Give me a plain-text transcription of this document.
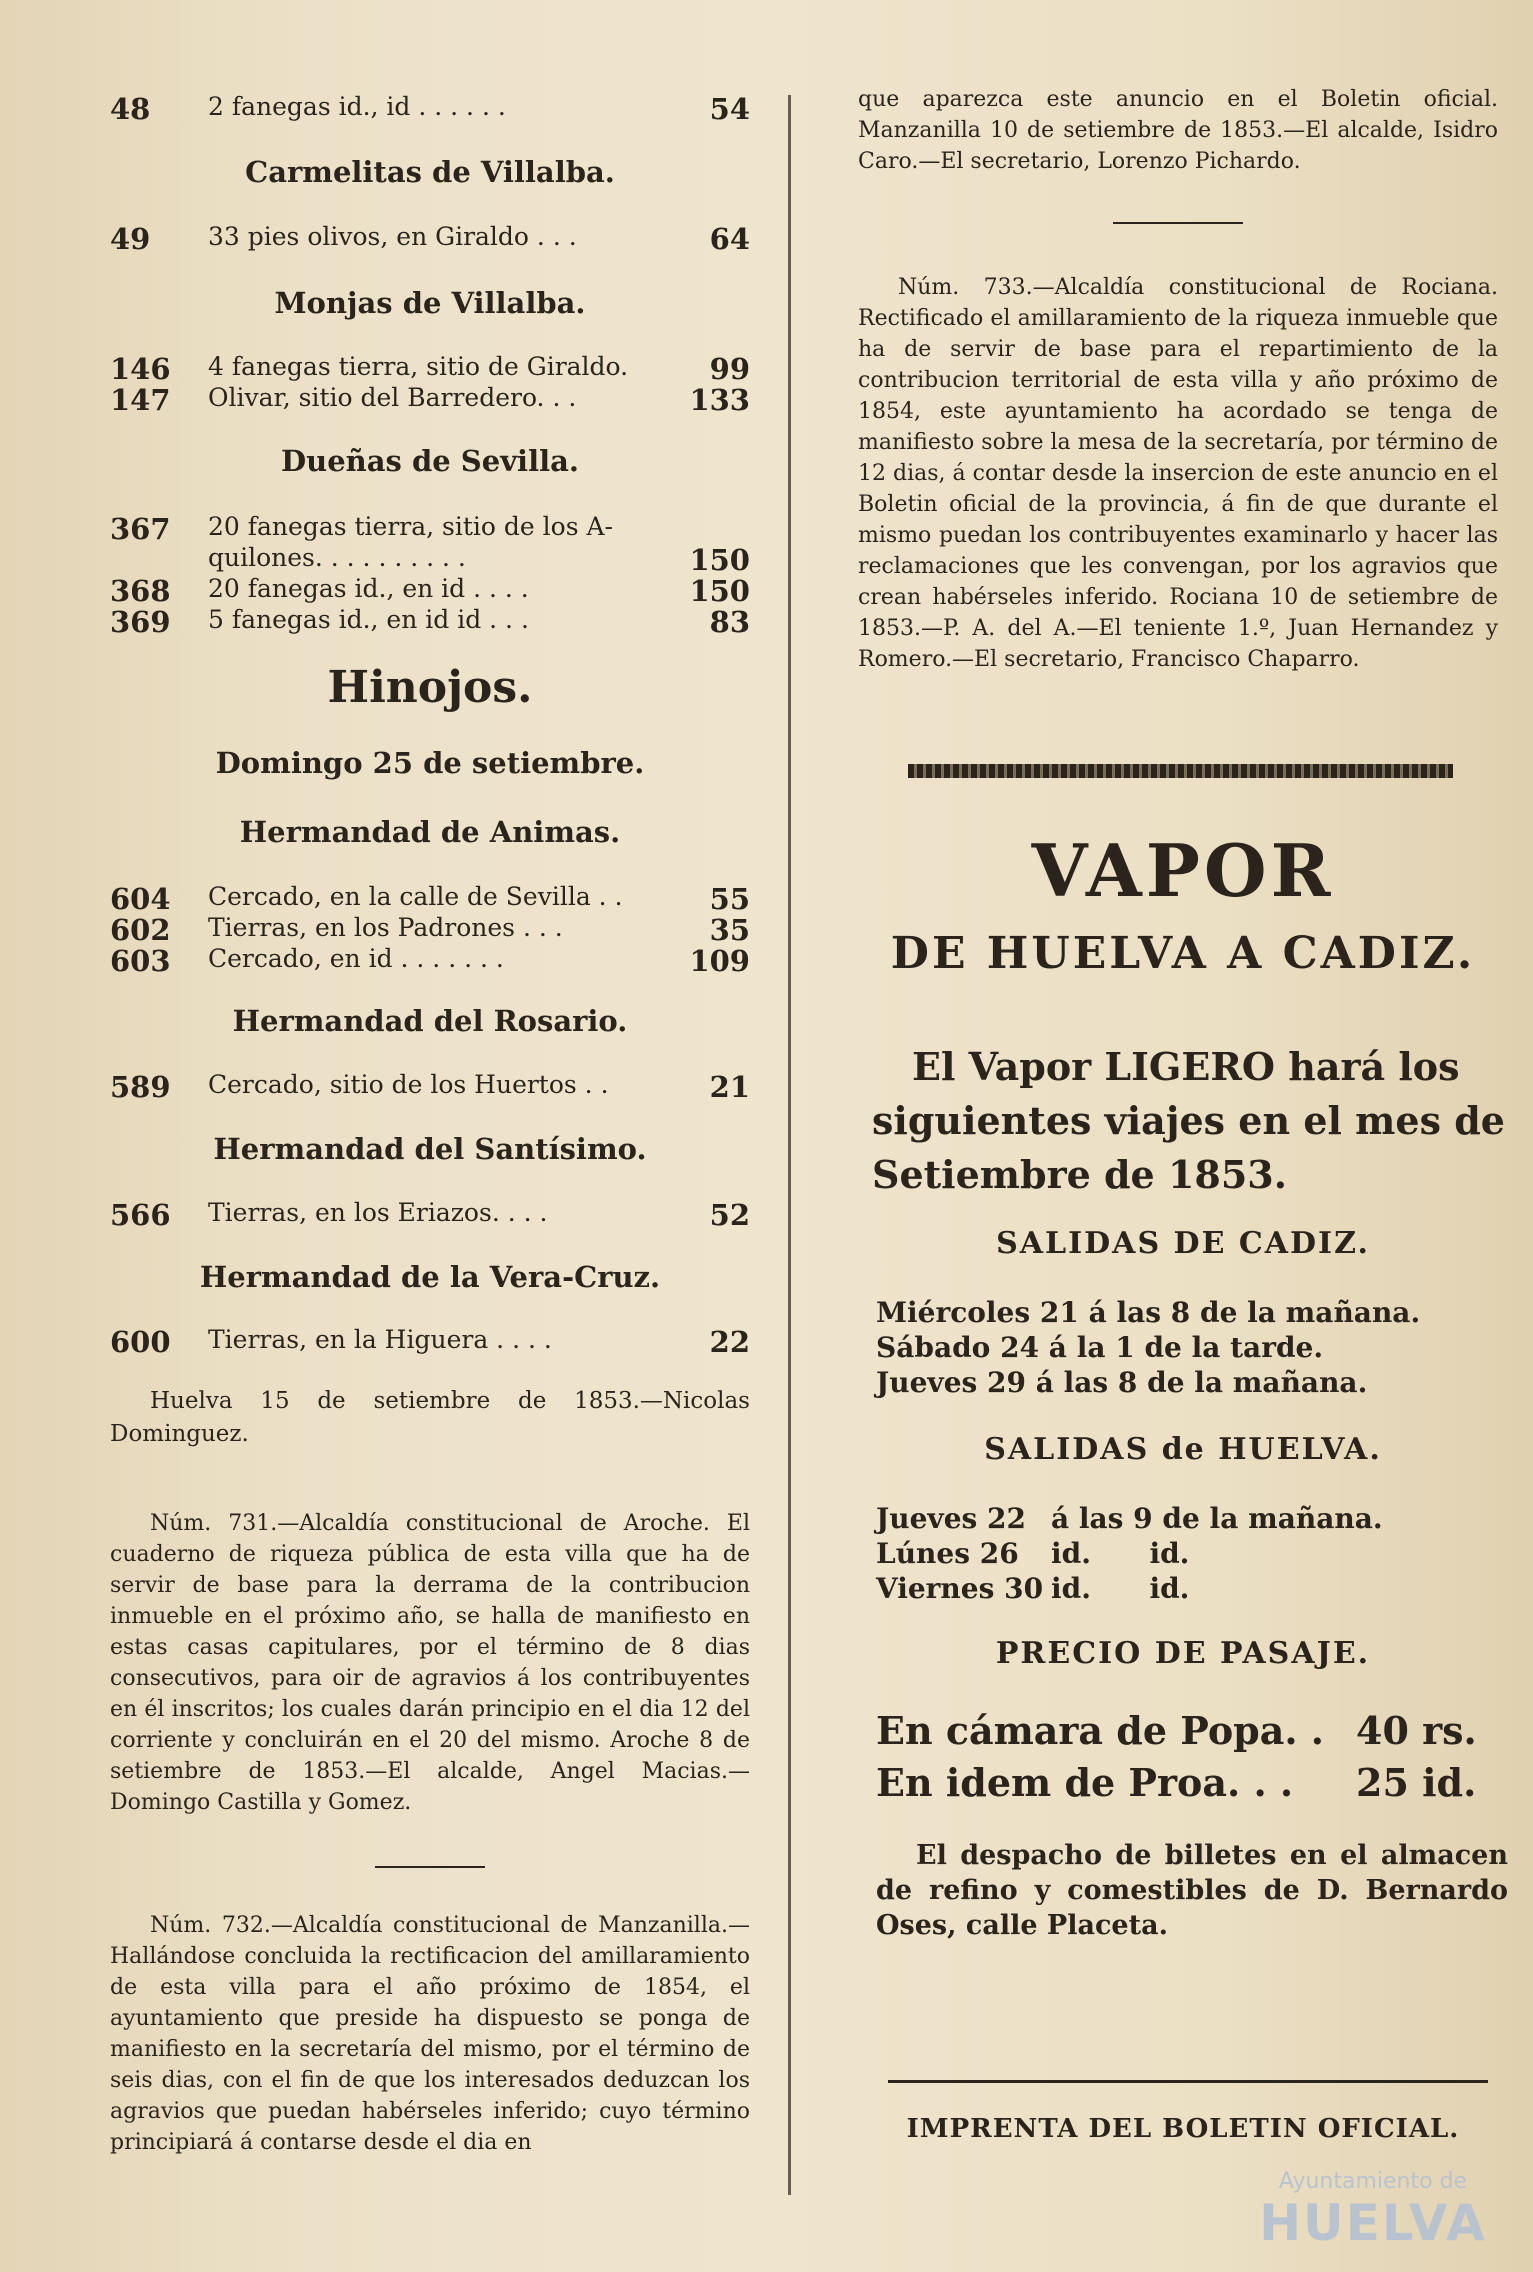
48 2 fanegas id., id . . . . . .	54
Carmelitas de Villalba.
49 33 pies olivos, en Giraldo . . .	64
Monjas de Villalba.
146 4 fanegas tierra, sitio de Giraldo.	99
147 Olivar, sitio del Barredero. . .	133
Dueñas de Sevilla.
367 20 fanegas tierra, sitio de los A-
quilones. . . . . . . . . .	150
368 20 fanegas id., en id . . . .	150
369 5 fanegas id., en id id . . .	83
Hinojos.
Domingo 25 de setiembre.
Hermandad de Animas.
604 Cercado, en la calle de Sevilla . .	55
602 Tierras, en los Padrones . . .	35
603 Cercado, en id . . . . . . .	109
Hermandad del Rosario.
589 Cercado, sitio de los Huertos . .	21
Hermandad del Santísimo.
566 Tierras, en los Eriazos. . . .	52
Hermandad de la Vera-Cruz.
600 Tierras, en la Higuera . . . .	22
Huelva 15 de setiembre de 1853.—Nicolas Dominguez.
Núm. 731.—Alcaldía constitucional de Aroche. El cuaderno de riqueza pública de esta villa que ha de servir de base para la derrama de la contribucion inmueble en el próximo año, se halla de manifiesto en estas casas capitulares, por el término de 8 dias consecutivos, para oir de agravios á los contribuyentes en él inscritos; los cuales darán principio en el dia 12 del corriente y concluirán en el 20 del mismo. Aroche 8 de setiembre de 1853.—El alcalde, Angel Macias.—Domingo Castilla y Gomez.
Núm. 732.—Alcaldía constitucional de Manzanilla.—Hallándose concluida la rectificacion del amillaramiento de esta villa para el año próximo de 1854, el ayuntamiento que preside ha dispuesto se ponga de manifiesto en la secretaría del mismo, por el término de seis dias, con el fin de que los interesados deduzcan los agravios que puedan habérseles inferido; cuyo término principiará á contarse desde el dia en
que aparezca este anuncio en el Boletin oficial. Manzanilla 10 de setiembre de 1853.—El alcalde, Isidro Caro.—El secretario, Lorenzo Pichardo.
Núm. 733.—Alcaldía constitucional de Rociana. Rectificado el amillaramiento de la riqueza inmueble que ha de servir de base para el repartimiento de la contribucion territorial de esta villa y año próximo de 1854, este ayuntamiento ha acordado se tenga de manifiesto sobre la mesa de la secretaría, por término de 12 dias, á contar desde la insercion de este anuncio en el Boletin oficial de la provincia, á fin de que durante el mismo puedan los contribuyentes examinarlo y hacer las reclamaciones que les convengan, por los agravios que crean habérseles inferido. Rociana 10 de setiembre de 1853.—P. A. del A.—El teniente 1.º, Juan Hernandez y Romero.—El secretario, Francisco Chaparro.
VAPOR
DE HUELVA A CADIZ.
El Vapor LIGERO hará los siguientes viajes en el mes de Setiembre de 1853.
SALIDAS DE CADIZ.
Miércoles 21 á las 8 de la mañana.
Sábado 24 á la 1 de la tarde.
Jueves 29 á las 8 de la mañana.
SALIDAS de HUELVA.
Jueves 22 á las 9 de la mañana.
Lúnes 26 id.      id.
Viernes 30 id.      id.
PRECIO DE PASAJE.
En cámara de Popa. . 40 rs.
En idem de Proa. . . 25 id.
El despacho de billetes en el almacen de refino y comestibles de D. Bernardo Oses, calle Placeta.
IMPRENTA DEL BOLETIN OFICIAL.
Ayuntamiento de
HUELVA
